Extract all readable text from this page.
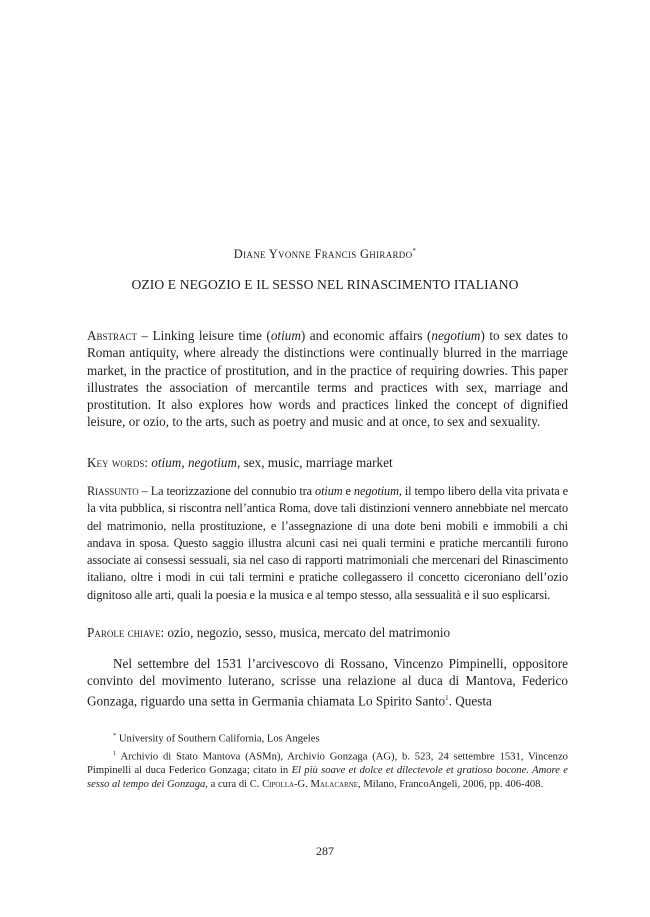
Diane Yvonne Francis Ghirardo*
OZIO E NEGOZIO E IL SESSO NEL RINASCIMENTO ITALIANO

Abstract – Linking leisure time (otium) and economic affairs (negotium) to sex dates to Roman antiquity, where already the distinctions were continually blurred in the marriage market, in the practice of prostitution, and in the practice of requiring dowries. This paper illustrates the association of mercantile terms and practices with sex, marriage and prostitution. It also explores how words and practices linked the concept of dignified leisure, or ozio, to the arts, such as poetry and music and at once, to sex and sexuality.

Key words: otium, negotium, sex, music, marriage market

Riassunto – La teorizzazione del connubio tra otium e negotium, il tempo libero della vita privata e la vita pubblica, si riscontra nell’antica Roma, dove tali distinzioni vennero annebbiate nel mercato del matrimonio, nella prostituzione, e l’assegnazione di una dote beni mobili e immobili a chi andava in sposa. Questo saggio illustra alcuni casi nei quali termini e pratiche mercantili furono associate ai consessi sessuali, sia nel caso di rapporti matrimoniali che mercenari del Rinascimento italiano, oltre i modi in cui tali termini e pratiche collegassero il concetto ciceroniano dell’ozio dignitoso alle arti, quali la poesia e la musica e al tempo stesso, alla sessualità e il suo esplicarsi.

Parole chiave: ozio, negozio, sesso, musica, mercato del matrimonio

Nel settembre del 1531 l’arcivescovo di Rossano, Vincenzo Pimpinelli, oppositore convinto del movimento luterano, scrisse una relazione al duca di Mantova, Federico Gonzaga, riguardo una setta in Germania chiamata Lo Spirito Santo$^1$. Questa

* University of Southern California, Los Angeles

$^1$ Archivio di Stato Mantova (ASMn), Archivio Gonzaga (AG), b. 523, 24 settembre 1531, Vincenzo Pimpinelli al duca Federico Gonzaga; citato in El più soave et dolce et dilectevole et gratioso bocone. Amore e sesso al tempo dei Gonzaga, a cura di C. Cipolla-G. Malacarne, Milano, FrancoAngeli, 2006, pp. 406-408.

287
